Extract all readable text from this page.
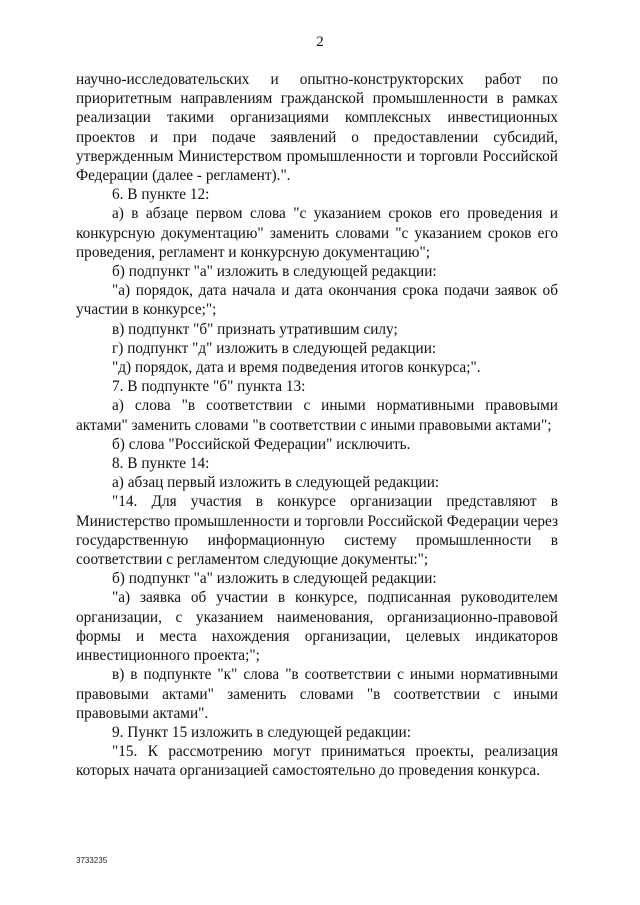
2

научно-исследовательских и опытно-конструкторских работ по приоритетным направлениям гражданской промышленности в рамках реализации такими организациями комплексных инвестиционных проектов и при подаче заявлений о предоставлении субсидий, утвержденным Министерством промышленности и торговли Российской Федерации (далее - регламент).".

6. В пункте 12:

а) в абзаце первом слова "с указанием сроков его проведения и конкурсную документацию" заменить словами "с указанием сроков его проведения, регламент и конкурсную документацию";

б) подпункт "а" изложить в следующей редакции:

"а) порядок, дата начала и дата окончания срока подачи заявок об участии в конкурсе;";

в) подпункт "б" признать утратившим силу;

г) подпункт "д" изложить в следующей редакции:

"д) порядок, дата и время подведения итогов конкурса;".

7. В подпункте "б" пункта 13:

а) слова "в соответствии с иными нормативными правовыми актами" заменить словами "в соответствии с иными правовыми актами";

б) слова "Российской Федерации" исключить.

8. В пункте 14:

а) абзац первый изложить в следующей редакции:

"14. Для участия в конкурсе организации представляют в Министерство промышленности и торговли Российской Федерации через государственную информационную систему промышленности в соответствии с регламентом следующие документы:";

б) подпункт "а" изложить в следующей редакции:

"а) заявка об участии в конкурсе, подписанная руководителем организации, с указанием наименования, организационно-правовой формы и места нахождения организации, целевых индикаторов инвестиционного проекта;";

в) в подпункте "к" слова "в соответствии с иными нормативными правовыми актами" заменить словами "в соответствии с иными правовыми актами".

9. Пункт 15 изложить в следующей редакции:

"15. К рассмотрению могут приниматься проекты, реализация которых начата организацией самостоятельно до проведения конкурса.

3733235
